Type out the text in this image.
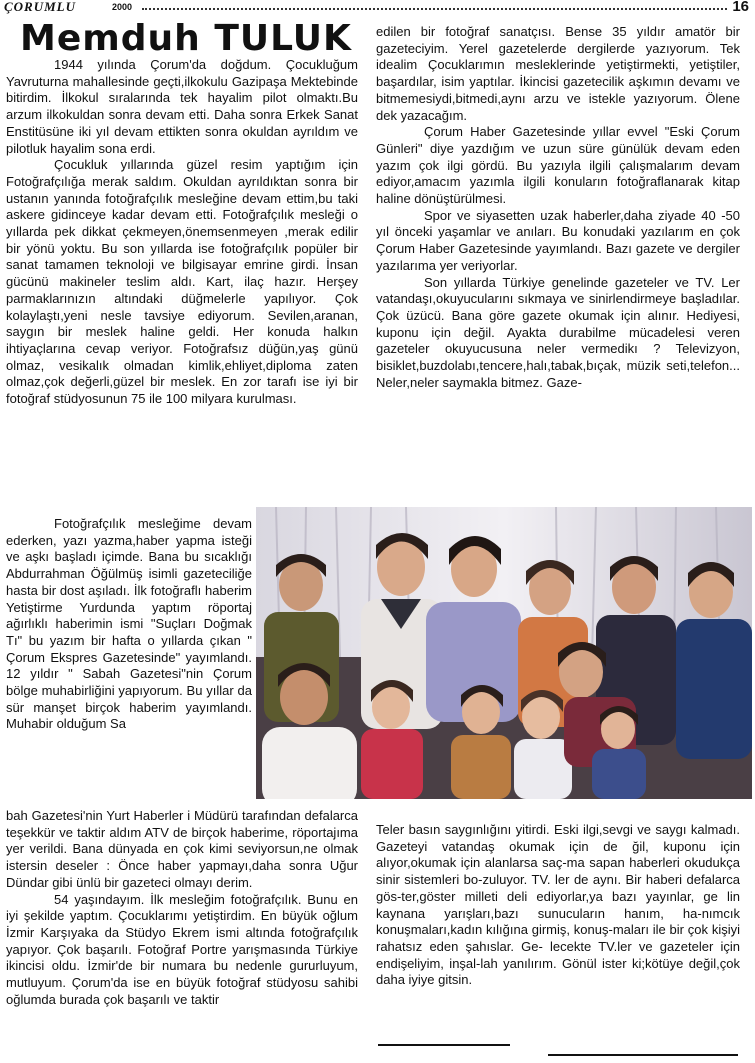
ÇORUMLU	2000	16
Memduh TULUK

1944 yılında Çorum'da doğdum. Çocukluğum Yavruturna mahallesinde geçti,ilkokulu Gazipaşa Mektebinde bitirdim. İlkokul sıralarında tek hayalim pilot olmaktı.Bu arzum ilkokuldan sonra devam etti. Daha sonra Erkek Sanat Enstitüsüne iki yıl devam ettikten sonra okuldan ayrıldım ve pilotluk hayalim sona erdi.

Çocukluk yıllarında güzel resim yaptığım için Fotoğrafçılığa merak saldım. Okuldan ayrıldıktan sonra bir ustanın yanında fotoğrafçılık mesleğine devam ettim,bu taki askere gidinceye kadar devam etti. Fotoğrafçılık mesleği o yıllarda pek dikkat çekmeyen,önemsenmeyen ,merak edilir bir yönü yoktu. Bu son yıllarda ise fotoğrafçılık popüler bir sanat tamamen teknoloji ve bilgisayar emrine girdi. İnsan gücünü makineler teslim aldı. Kart, ilaç hazır. Herşey parmaklarınızın altındaki düğmelerle yapılıyor. Çok kolaylaştı,yeni nesle tavsiye ediyorum. Sevilen,aranan, saygın bir meslek haline geldi. Her konuda halkın ihtiyaçlarına cevap veriyor. Fotoğrafsız düğün,yaş günü olmaz, vesikalık olmadan kimlik,ehliyet,diploma zaten olmaz,çok değerli,güzel bir meslek. En zor tarafı ise iyi bir fotoğraf stüdyosunun 75 ile 100 milyara kurulması.

Fotoğrafçılık mesleğime devam ederken, yazı yazma,haber yapma isteği ve aşkı başladı içimde. Bana bu sıcaklığı Abdurrahman Öğülmüş isimli gazeteciliğe hasta bir dost aşıladı. İlk fotoğraflı haberim Yetiştirme Yurdunda yaptım röportaj ağırlıklı haberimin ismi "Suçları Doğmak Tı" bu yazım bir hafta o yıllarda çıkan " Çorum Ekspres Gazetesinde" yayımlandı. 12 yıldır " Sabah Gazetesi"nin Çorum bölge muhabirliğini yapıyorum. Bu yıllar da sür manşet birçok haberim yayımlandı. Muhabir olduğum Sa

bah Gazetesi'nin Yurt Haberler i Müdürü tarafından defalarca teşekkür ve taktir aldım ATV de birçok haberime, röportajıma yer verildi. Bana dünyada en çok kimi seviyorsun,ne olmak istersin deseler : Önce haber yapmayı,daha sonra Uğur Dündar gibi ünlü bir gazeteci olmayı derim.

54 yaşındayım. İlk mesleğim fotoğrafçılık. Bunu en iyi şekilde yaptım. Çocuklarımı yetiştirdim. En büyük oğlum İzmir Karşıyaka da Stüdyo Ekrem ismi altında fotoğrafçılık yapıyor. Çok başarılı. Fotoğraf Portre yarışmasında Türkiye ikincisi oldu. İzmir'de bir numara bu nedenle gururluyum, mutluyum. Çorum'da ise en büyük fotoğraf stüdyosu sahibi oğlumda burada çok başarılı ve taktir

edilen bir fotoğraf sanatçısı. Bense 35 yıldır amatör bir gazeteciyim. Yerel gazetelerde dergilerde yazıyorum. Tek idealim Çocuklarımın mesleklerinde yetiştirmekti, yetiştiler, başardılar, isim yaptılar. İkincisi gazetecilik aşkımın devamı ve bitmemesiydi,bitmedi,aynı arzu ve istekle yazıyorum. Ölene dek yazacağım.

Çorum Haber Gazetesinde yıllar evvel "Eski Çorum Günleri" diye yazdığım ve uzun süre günülük devam eden yazım çok ilgi gördü. Bu yazıyla ilgili çalışmalarım devam ediyor,amacım yazımla ilgili konuların fotoğraflanarak kitap haline dönüştürülmesi.

Spor ve siyasetten uzak haberler,daha ziyade 40 -50 yıl önceki yaşamlar ve anıları. Bu konudaki yazılarım en çok Çorum Haber Gazetesinde yayımlandı. Bazı gazete ve dergiler yazılarıma yer veriyorlar.

Son yıllarda Türkiye genelinde gazeteler ve TV. Ler vatandaşı,okuyucularını sıkmaya ve sinirlendirmeye başladılar. Çok üzücü. Bana göre gazete okumak için alınır. Hediyesi, kuponu için değil. Ayakta durabilme mücadelesi veren gazeteler okuyucusuna neler vermedikı ? Televizyon, bisiklet,buzdolabı,tencere,halı,tabak,bıçak, müzik seti,telefon... Neler,neler saymakla bitmez. Gaze-

Teler basın saygınlığını yitirdi. Eski ilgi,sevgi ve saygı kalmadı. Gazeteyi vatandaş okumak için de ğil, kuponu için alıyor,okumak için alanlarsa saç-ma sapan haberleri okudukça sinir sistemleri bo-zuluyor. TV. ler de aynı. Bir haberi defalarca gös-ter,göster milleti deli ediyorlar,ya bazı yayınlar, ge lin kaynana yarışları,bazı sunucuların hanım, ha-nımcık konuşmaları,kadın kılığına girmiş, konuş-maları ile bir çok kişiyi rahatsız eden şahıslar. Ge- lecekte TV.ler ve gazeteler için endişeliyim, inşal-lah yanılırım. Gönül ister ki;kötüye değil,çok daha iyiye gitsin.
